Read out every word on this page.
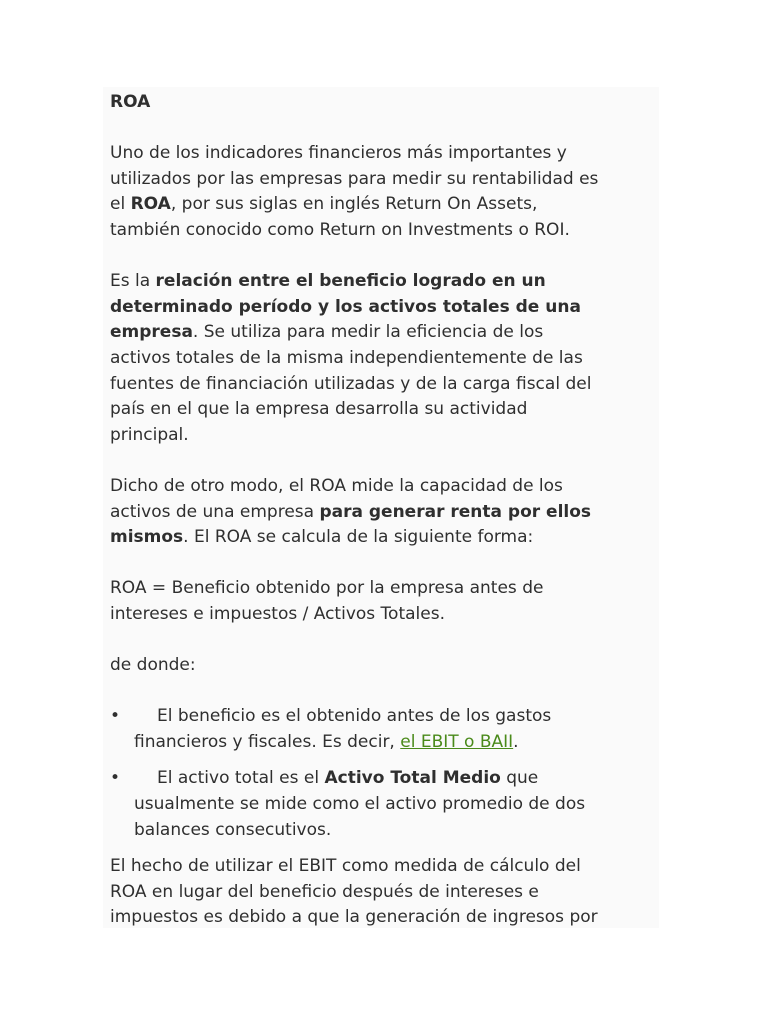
ROA
Uno de los indicadores financieros más importantes y
utilizados por las empresas para medir su rentabilidad es
el ROA, por sus siglas en inglés Return On Assets,
también conocido como Return on Investments o ROI.
Es la relación entre el beneficio logrado en un
determinado período y los activos totales de una
empresa. Se utiliza para medir la eficiencia de los
activos totales de la misma independientemente de las
fuentes de financiación utilizadas y de la carga fiscal del
país en el que la empresa desarrolla su actividad
principal.
Dicho de otro modo, el ROA mide la capacidad de los
activos de una empresa para generar renta por ellos
mismos. El ROA se calcula de la siguiente forma:
ROA = Beneficio obtenido por la empresa antes de
intereses e impuestos / Activos Totales.
de donde:
• El beneficio es el obtenido antes de los gastos
financieros y fiscales. Es decir, el EBIT o BAII.
• El activo total es el Activo Total Medio que
usualmente se mide como el activo promedio de dos
balances consecutivos.
El hecho de utilizar el EBIT como medida de cálculo del
ROA en lugar del beneficio después de intereses e
impuestos es debido a que la generación de ingresos por
